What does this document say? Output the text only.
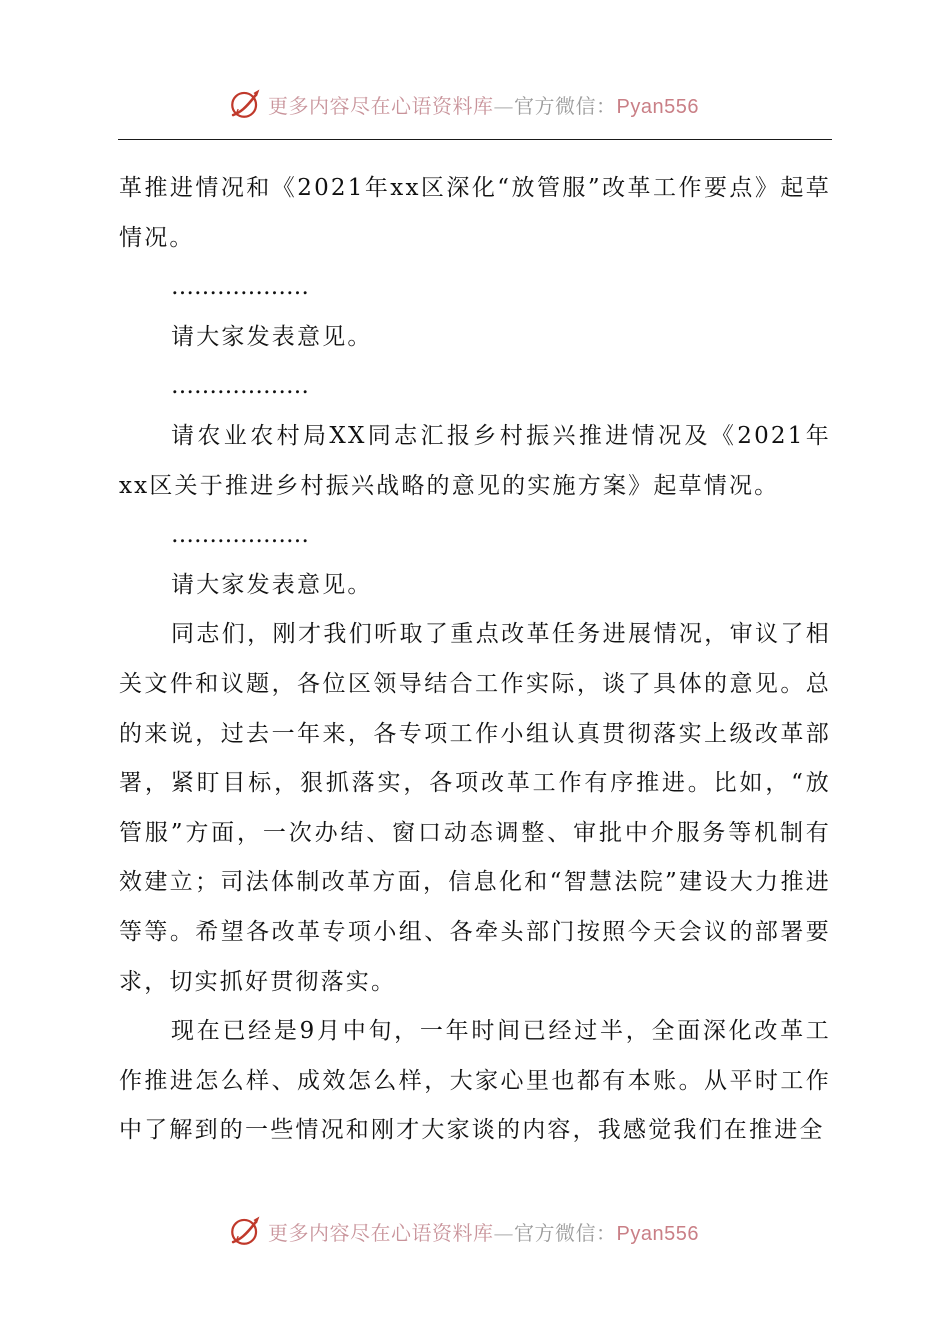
更多内容尽在心语资料库—官方微信：Pyan556

革推进情况和《2021年xx区深化“放管服”改革工作要点》起草情况。

………………

请大家发表意见。

………………

请农业农村局XX同志汇报乡村振兴推进情况及《2021年xx区关于推进乡村振兴战略的意见的实施方案》起草情况。

………………

请大家发表意见。

同志们，刚才我们听取了重点改革任务进展情况，审议了相关文件和议题，各位区领导结合工作实际，谈了具体的意见。总的来说，过去一年来，各专项工作小组认真贯彻落实上级改革部署，紧盯目标，狠抓落实，各项改革工作有序推进。比如，“放管服”方面，一次办结、窗口动态调整、审批中介服务等机制有效建立；司法体制改革方面，信息化和“智慧法院”建设大力推进等等。希望各改革专项小组、各牵头部门按照今天会议的部署要求，切实抓好贯彻落实。

现在已经是9月中旬，一年时间已经过半，全面深化改革工作推进怎么样、成效怎么样，大家心里也都有本账。从平时工作中了解到的一些情况和刚才大家谈的内容，我感觉我们在推进全

更多内容尽在心语资料库—官方微信：Pyan556
